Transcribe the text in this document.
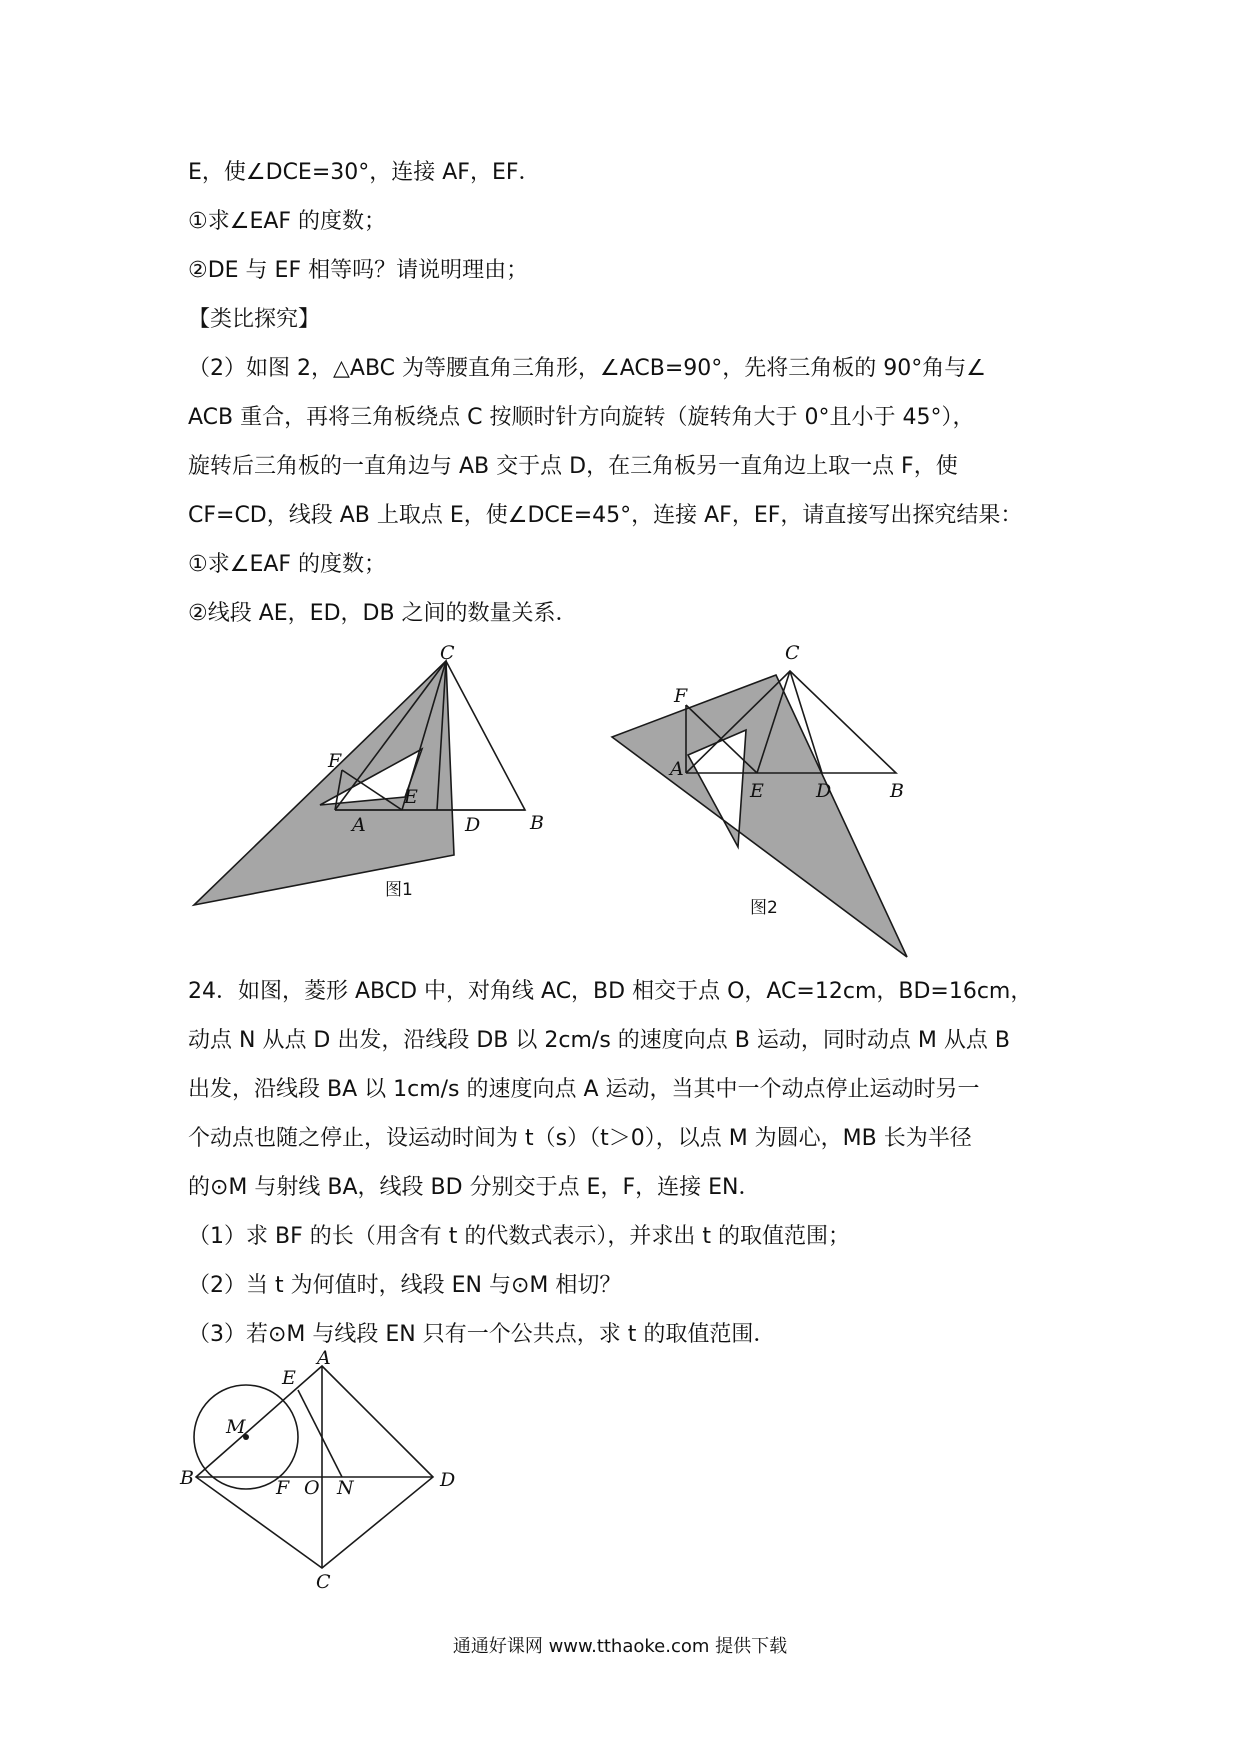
E，使∠DCE=30°，连接 AF，EF．
①求∠EAF 的度数；
②DE 与 EF 相等吗？请说明理由；
【类比探究】
（2）如图 2，△ABC 为等腰直角三角形，∠ACB=90°，先将三角板的 90°角与∠
ACB 重合，再将三角板绕点 C 按顺时针方向旋转（旋转角大于 0°且小于 45°），
旋转后三角板的一直角边与 AB 交于点 D，在三角板另一直角边上取一点 F，使
CF=CD，线段 AB 上取点 E，使∠DCE=45°，连接 AF，EF，请直接写出探究结果：
①求∠EAF 的度数；
②线段 AE，ED，DB 之间的数量关系．
C
F
A
E
D	B
图1
C
F
A
E	D	B
图2
24．如图，菱形 ABCD 中，对角线 AC，BD 相交于点 O，AC=12cm，BD=16cm，
动点 N 从点 D 出发，沿线段 DB 以 2cm/s 的速度向点 B 运动，同时动点 M 从点 B
出发，沿线段 BA 以 1cm/s 的速度向点 A 运动，当其中一个动点停止运动时另一
个动点也随之停止，设运动时间为 t（s）（t＞0），以点 M 为圆心，MB 长为半径
的⊙M 与射线 BA，线段 BD 分别交于点 E，F，连接 EN．
（1）求 BF 的长（用含有 t 的代数式表示），并求出 t 的取值范围；
（2）当 t 为何值时，线段 EN 与⊙M 相切？
（3）若⊙M 与线段 EN 只有一个公共点，求 t 的取值范围．
A
E
M
B	F O N	D
C
通通好课网 www.tthaoke.com 提供下载
